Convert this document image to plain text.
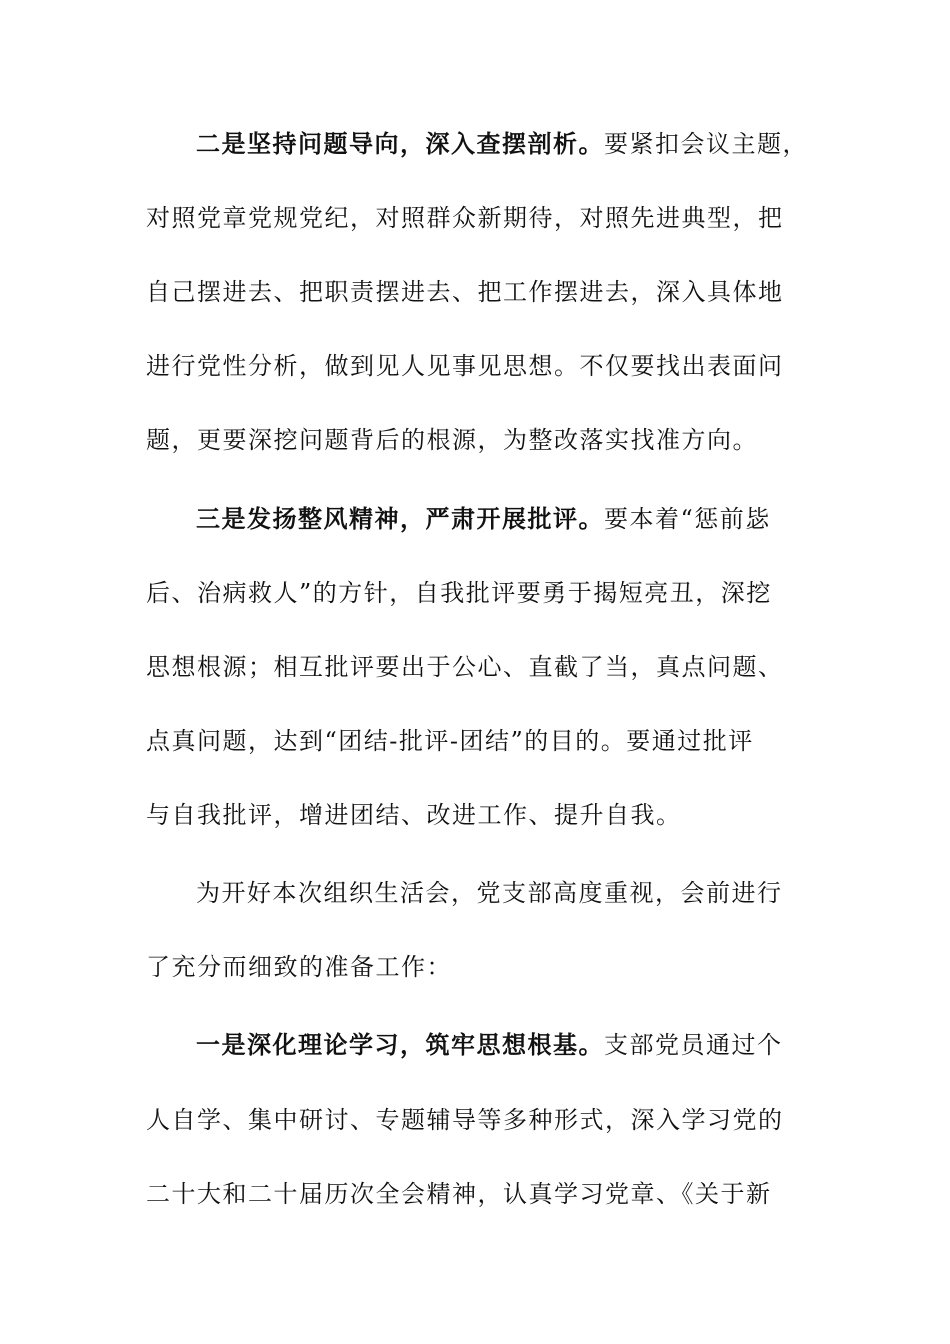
二是坚持问题导向，深入查摆剖析。要紧扣会议主题，
对照党章党规党纪，对照群众新期待，对照先进典型，把
自己摆进去、把职责摆进去、把工作摆进去，深入具体地
进行党性分析，做到见人见事见思想。不仅要找出表面问
题，更要深挖问题背后的根源，为整改落实找准方向。
三是发扬整风精神，严肃开展批评。要本着“惩前毖
后、治病救人”的方针，自我批评要勇于揭短亮丑，深挖
思想根源；相互批评要出于公心、直截了当，真点问题、
点真问题，达到“团结-批评-团结”的目的。要通过批评
与自我批评，增进团结、改进工作、提升自我。
为开好本次组织生活会，党支部高度重视，会前进行
了充分而细致的准备工作：
一是深化理论学习，筑牢思想根基。支部党员通过个
人自学、集中研讨、专题辅导等多种形式，深入学习党的
二十大和二十届历次全会精神，认真学习党章、《关于新
